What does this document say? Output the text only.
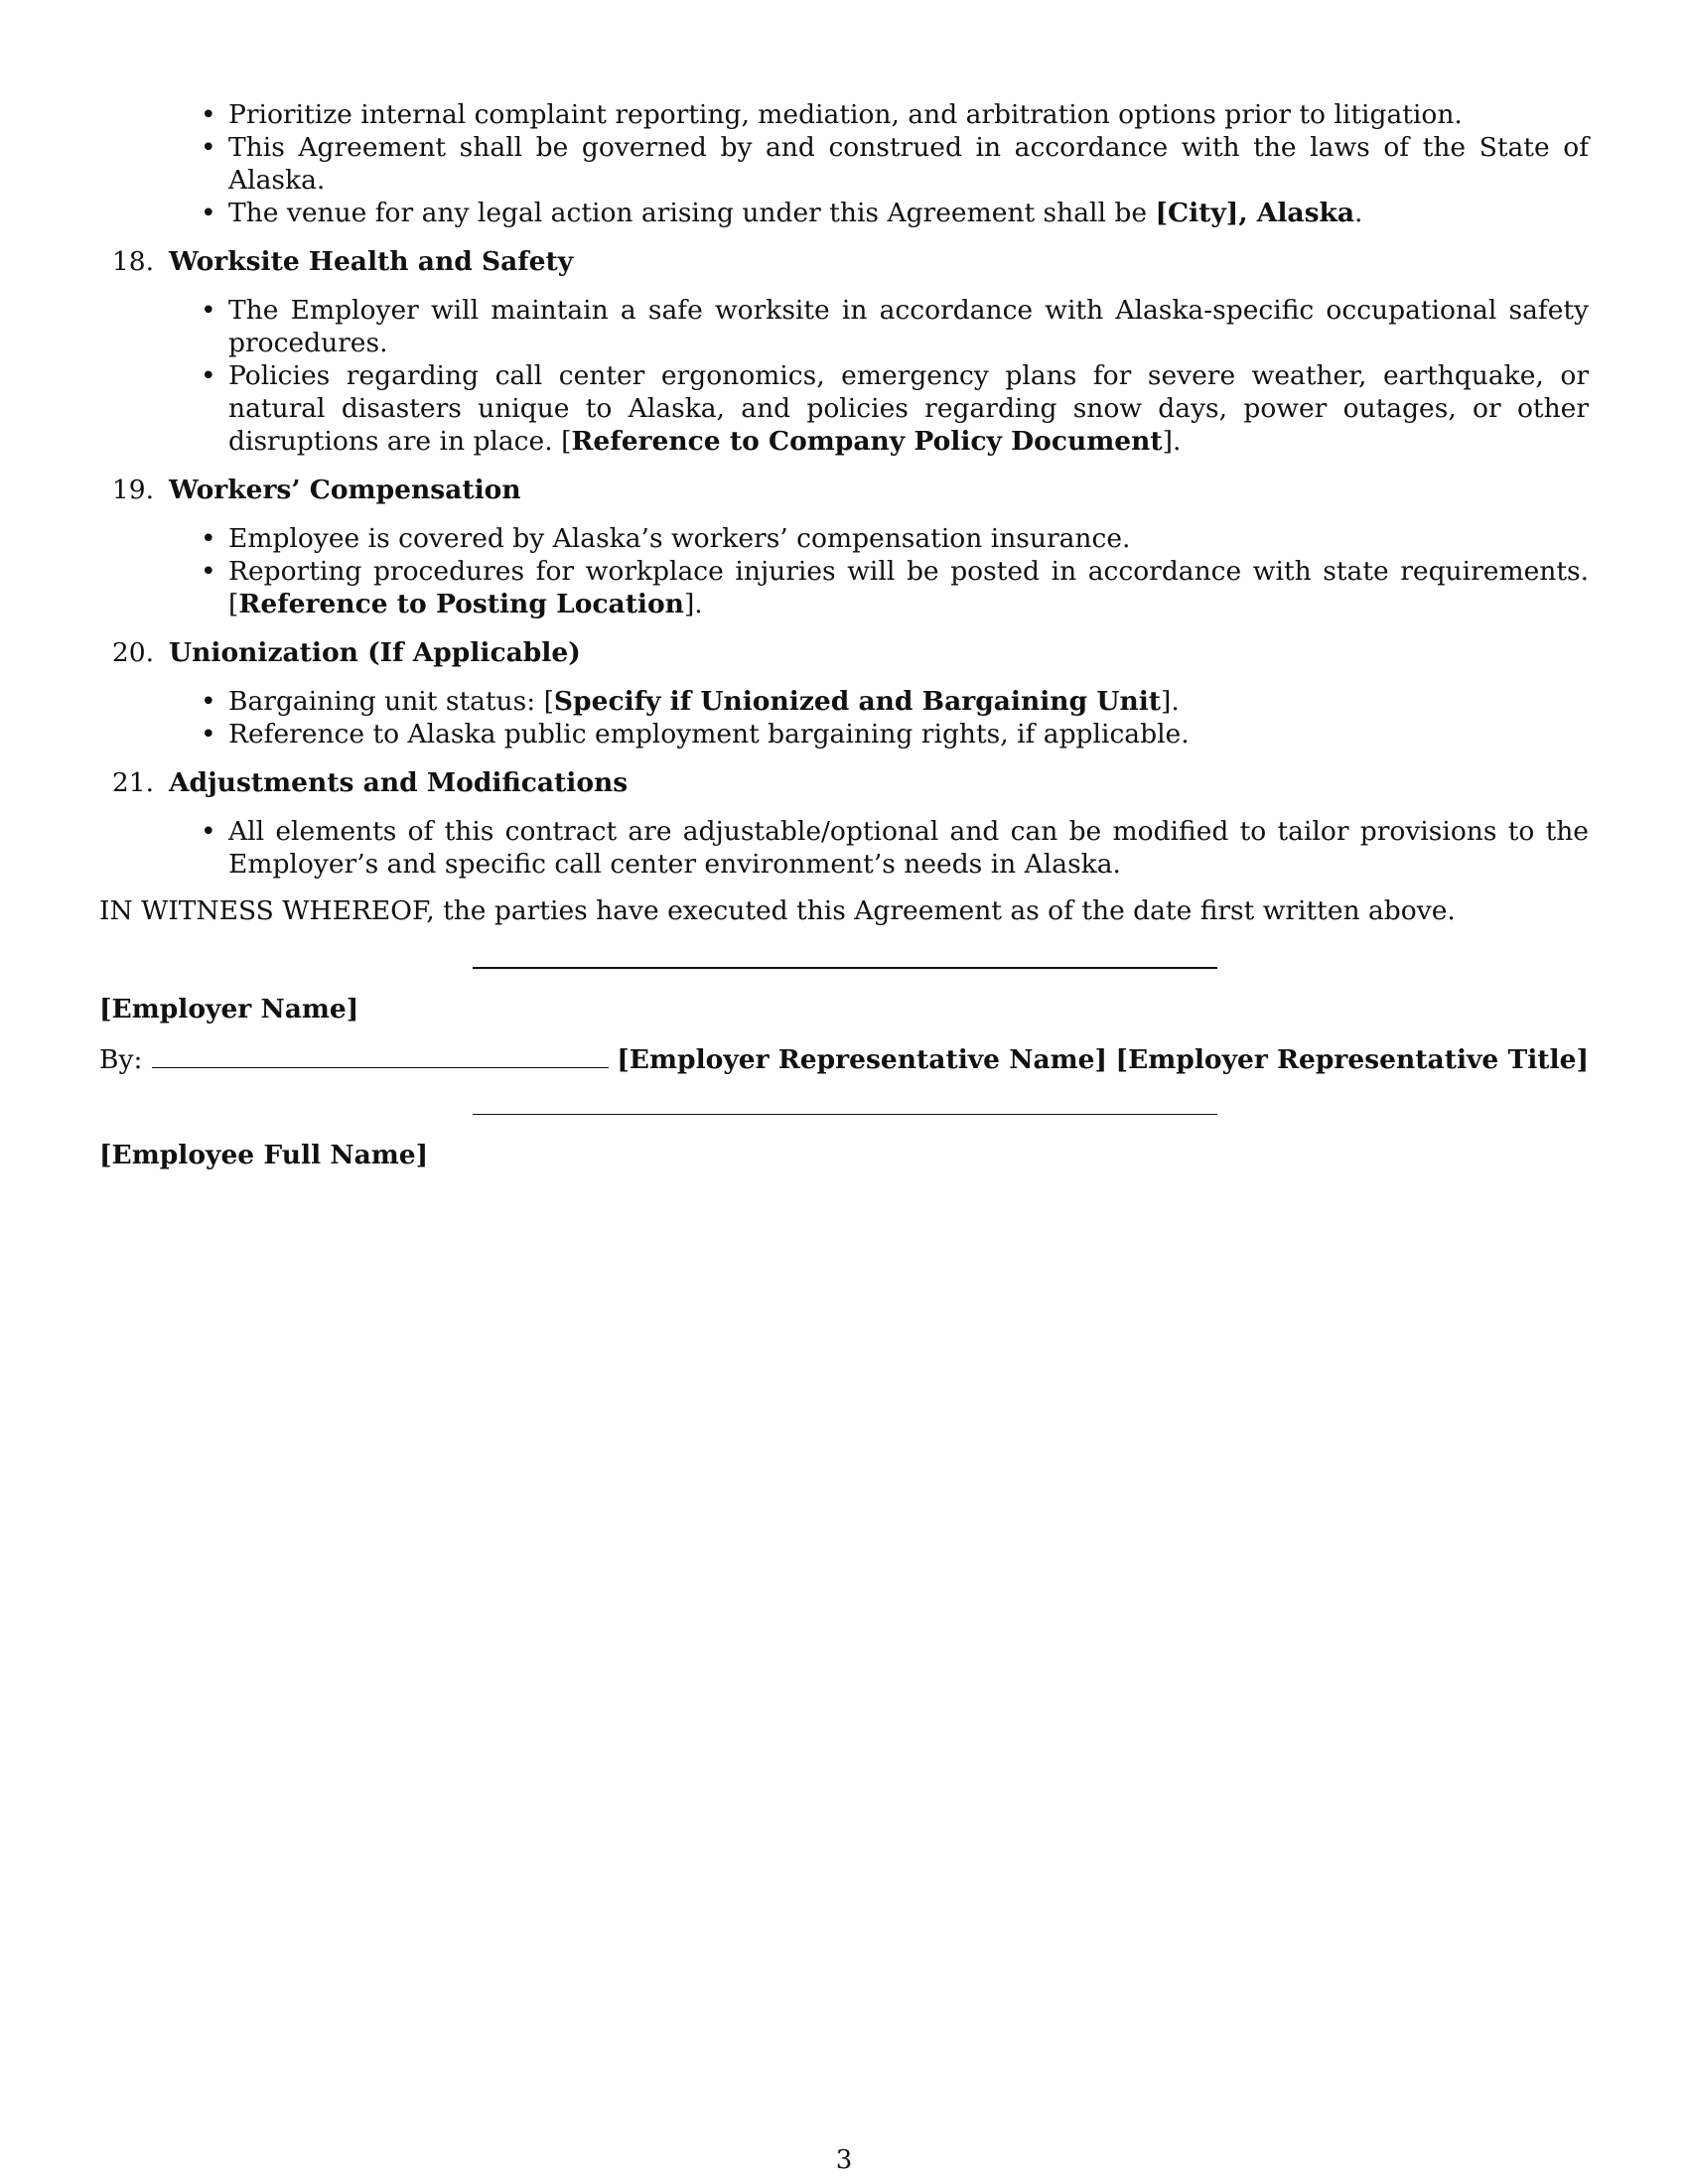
• Prioritize internal complaint reporting, mediation, and arbitration options prior to litigation.
• This Agreement shall be governed by and construed in accordance with the laws of the State of Alaska.
• The venue for any legal action arising under this Agreement shall be [City], Alaska.
18. Worksite Health and Safety
• The Employer will maintain a safe worksite in accordance with Alaska-specific occupational safety procedures.
• Policies regarding call center ergonomics, emergency plans for severe weather, earthquake, or natural disasters unique to Alaska, and policies regarding snow days, power outages, or other disruptions are in place. [Reference to Company Policy Document].
19. Workers’ Compensation
• Employee is covered by Alaska’s workers’ compensation insurance.
• Reporting procedures for workplace injuries will be posted in accordance with state requirements. [Reference to Posting Location].
20. Unionization (If Applicable)
• Bargaining unit status: [Specify if Unionized and Bargaining Unit].
• Reference to Alaska public employment bargaining rights, if applicable.
21. Adjustments and Modifications
• All elements of this contract are adjustable/optional and can be modified to tailor provisions to the Employer’s and specific call center environment’s needs in Alaska.
IN WITNESS WHEREOF, the parties have executed this Agreement as of the date first written above.
[Employer Name]
By:	[Employer Representative Name]
[Employer Representative Title]
[Employee Full Name]
3
